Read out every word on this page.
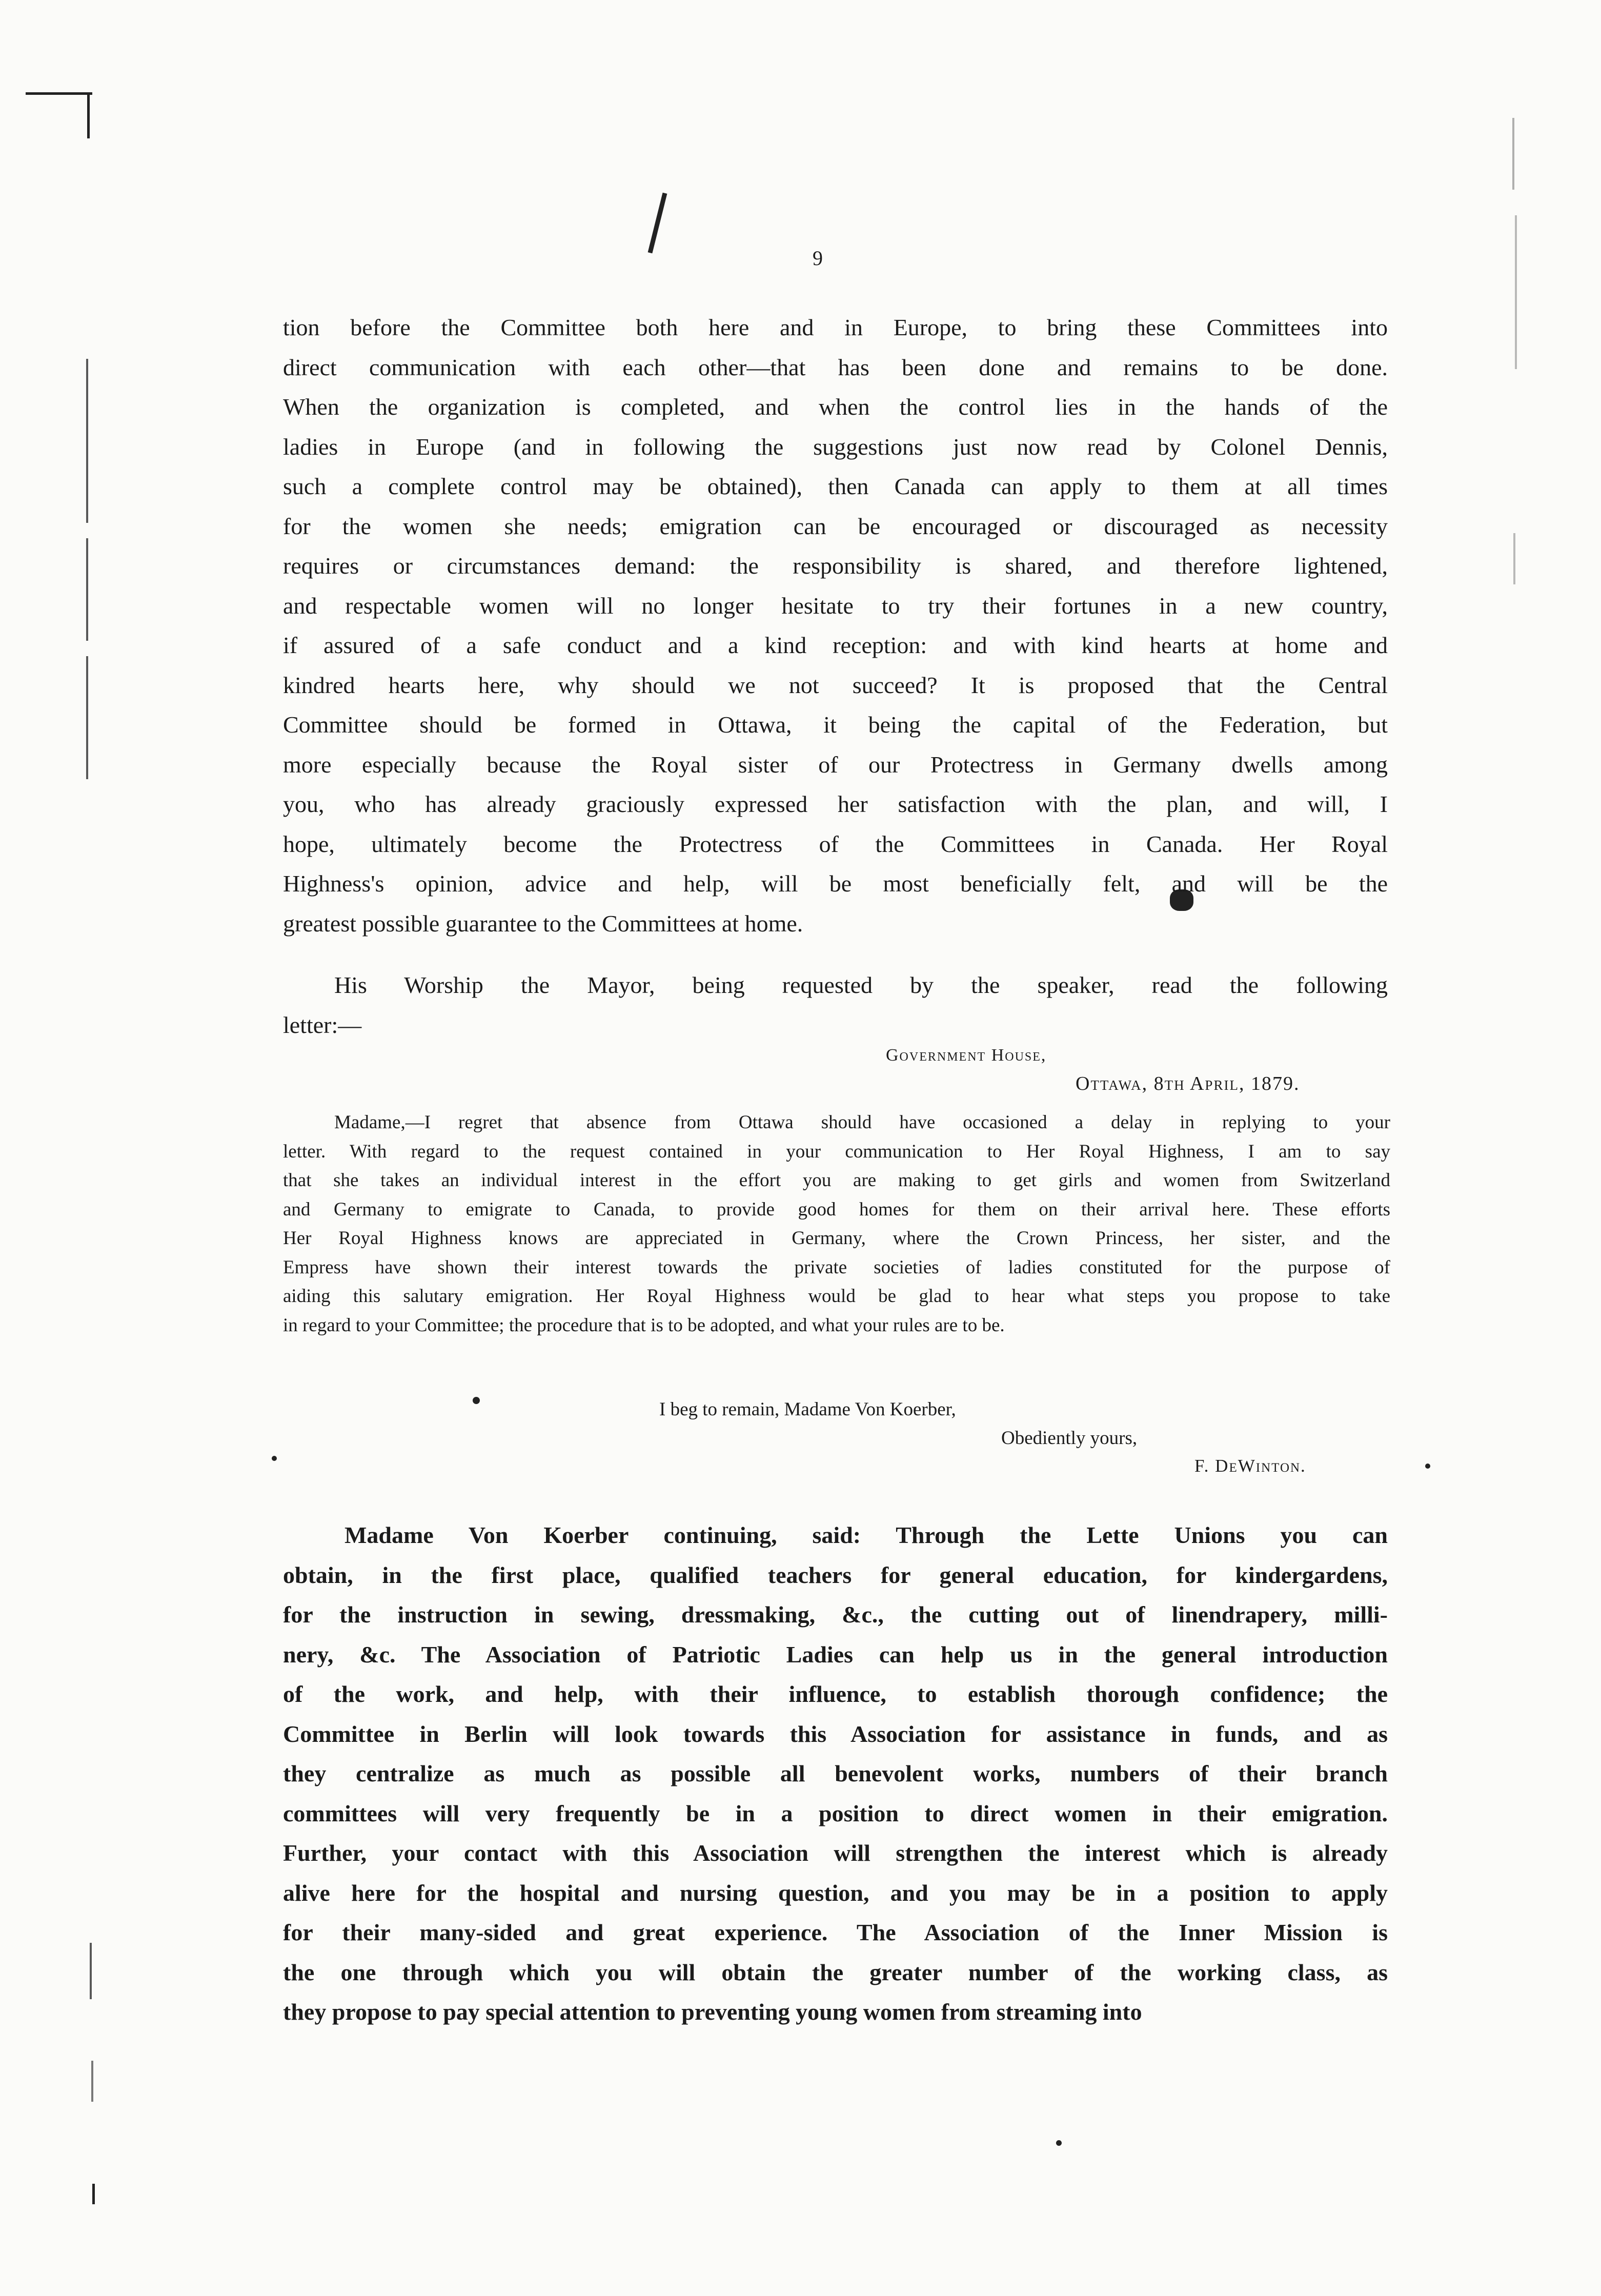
9
tion before the Committee both here and in Europe, to bring these Committees into
direct communication with each other—that has been done and remains to be done.
When the organization is completed, and when the control lies in the hands of the
ladies in Europe (and in following the suggestions just now read by Colonel Dennis,
such a complete control may be obtained), then Canada can apply to them at all times
for the women she needs; emigration can be encouraged or discouraged as necessity
requires or circumstances demand: the responsibility is shared, and therefore lightened,
and respectable women will no longer hesitate to try their fortunes in a new country,
if assured of a safe conduct and a kind reception: and with kind hearts at home and
kindred hearts here, why should we not succeed? It is proposed that the Central
Committee should be formed in Ottawa, it being the capital of the Federation, but
more especially because the Royal sister of our Protectress in Germany dwells among
you, who has already graciously expressed her satisfaction with the plan, and will, I
hope, ultimately become the Protectress of the Committees in Canada. Her Royal
Highness's opinion, advice and help, will be most beneficially felt, and will be the
greatest possible guarantee to the Committees at home.
His Worship the Mayor, being requested by the speaker, read the following
letter:—
Government House,
Ottawa, 8th April, 1879.
Madame,—I regret that absence from Ottawa should have occasioned a delay in replying to your
letter. With regard to the request contained in your communication to Her Royal Highness, I am to say
that she takes an individual interest in the effort you are making to get girls and women from Switzerland
and Germany to emigrate to Canada, to provide good homes for them on their arrival here. These efforts
Her Royal Highness knows are appreciated in Germany, where the Crown Princess, her sister, and the
Empress have shown their interest towards the private societies of ladies constituted for the purpose of
aiding this salutary emigration. Her Royal Highness would be glad to hear what steps you propose to take
in regard to your Committee; the procedure that is to be adopted, and what your rules are to be.
I beg to remain, Madame Von Koerber,
Obediently yours,
F. DeWinton.
Madame Von Koerber continuing, said: Through the Lette Unions you can
obtain, in the first place, qualified teachers for general education, for kindergardens,
for the instruction in sewing, dressmaking, &c., the cutting out of linendrapery, milli-
nery, &c. The Association of Patriotic Ladies can help us in the general introduction
of the work, and help, with their influence, to establish thorough confidence; the
Committee in Berlin will look towards this Association for assistance in funds, and as
they centralize as much as possible all benevolent works, numbers of their branch
committees will very frequently be in a position to direct women in their emigration.
Further, your contact with this Association will strengthen the interest which is already
alive here for the hospital and nursing question, and you may be in a position to apply
for their many-sided and great experience. The Association of the Inner Mission is
the one through which you will obtain the greater number of the working class, as
they propose to pay special attention to preventing young women from streaming into
